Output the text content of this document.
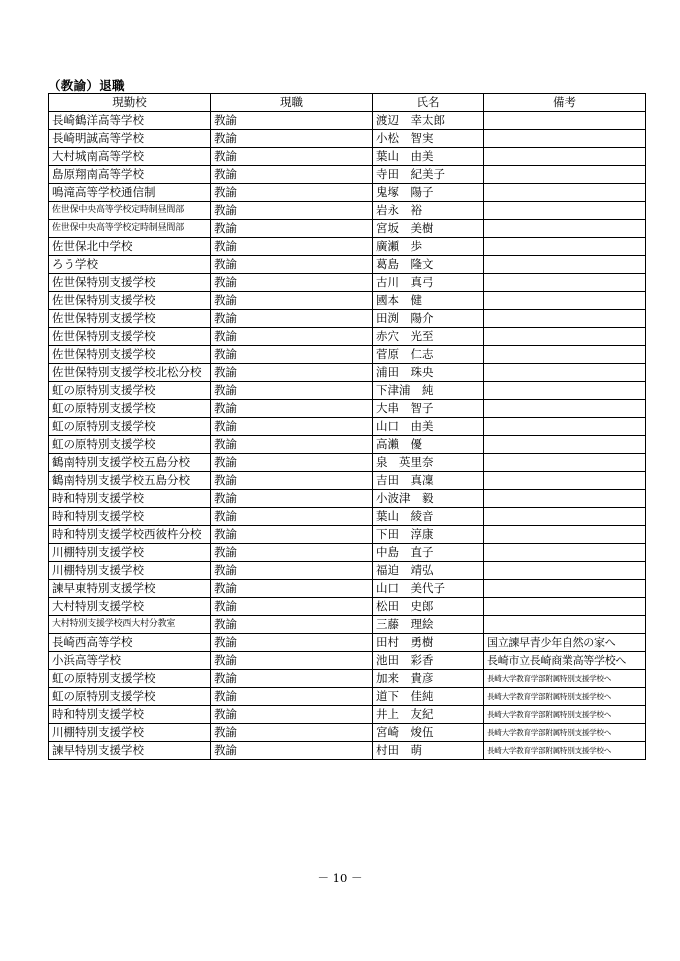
（教諭）退職
現勤校	現職	氏名	備考
長崎鶴洋高等学校	教諭	渡辺　幸太郎	
長崎明誠高等学校	教諭	小松　智実	
大村城南高等学校	教諭	葉山　由美	
島原翔南高等学校	教諭	寺田　紀美子	
鳴滝高等学校通信制	教諭	鬼塚　陽子	
佐世保中央高等学校定時制昼間部	教諭	岩永　裕	
佐世保中央高等学校定時制昼間部	教諭	宮坂　美樹	
佐世保北中学校	教諭	廣瀬　歩	
ろう学校	教諭	葛島　隆文	
佐世保特別支援学校	教諭	古川　真弓	
佐世保特別支援学校	教諭	國本　健	
佐世保特別支援学校	教諭	田渕　陽介	
佐世保特別支援学校	教諭	赤穴　光至	
佐世保特別支援学校	教諭	菅原　仁志	
佐世保特別支援学校北松分校	教諭	浦田　珠央	
虹の原特別支援学校	教諭	下津浦　純	
虹の原特別支援学校	教諭	大串　智子	
虹の原特別支援学校	教諭	山口　由美	
虹の原特別支援学校	教諭	高瀨　優	
鶴南特別支援学校五島分校	教諭	泉　英里奈	
鶴南特別支援学校五島分校	教諭	吉田　真凜	
時和特別支援学校	教諭	小波津　毅	
時和特別支援学校	教諭	葉山　綾音	
時和特別支援学校西彼杵分校	教諭	下田　淳康	
川棚特別支援学校	教諭	中島　直子	
川棚特別支援学校	教諭	福迫　靖弘	
諫早東特別支援学校	教諭	山口　美代子	
大村特別支援学校	教諭	松田　史郎	
大村特別支援学校西大村分教室	教諭	三藤　理絵	
長崎西高等学校	教諭	田村　勇樹	国立諫早青少年自然の家へ
小浜高等学校	教諭	池田　彩香	長崎市立長崎商業高等学校へ
虹の原特別支援学校	教諭	加来　貴彦	長崎大学教育学部附属特別支援学校へ
虹の原特別支援学校	教諭	道下　佳純	長崎大学教育学部附属特別支援学校へ
時和特別支援学校	教諭	井上　友紀	長崎大学教育学部附属特別支援学校へ
川棚特別支援学校	教諭	宮崎　焌伍	長崎大学教育学部附属特別支援学校へ
諫早特別支援学校	教諭	村田　萌	長崎大学教育学部附属特別支援学校へ
－ 10 －
